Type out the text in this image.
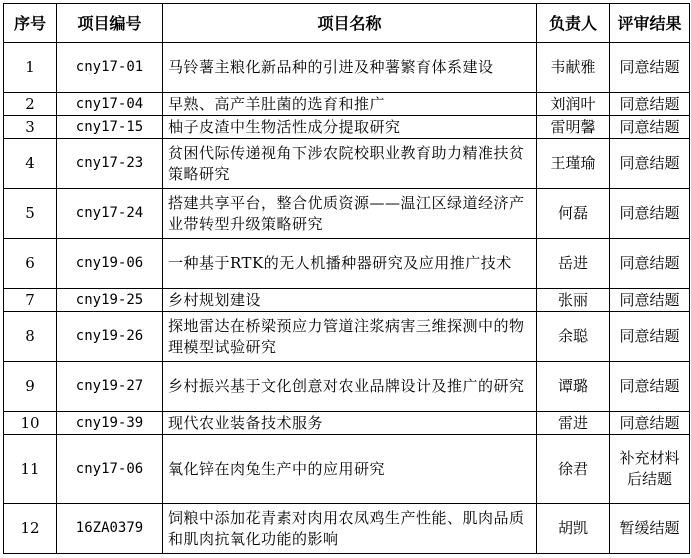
序号	项目编号	项目名称	负责人	评审结果
1	cny17-01	马铃薯主粮化新品种的引进及种薯繁育体系建设	韦献雅	同意结题
2	cny17-04	早熟、高产羊肚菌的选育和推广	刘润叶	同意结题
3	cny17-15	柚子皮渣中生物活性成分提取研究	雷明馨	同意结题
4	cny17-23	贫困代际传递视角下涉农院校职业教育助力精准扶贫策略研究	王瑾瑜	同意结题
5	cny17-24	搭建共享平台，整合优质资源——温江区绿道经济产业带转型升级策略研究	何磊	同意结题
6	cny19-06	一种基于RTK的无人机播种器研究及应用推广技术	岳进	同意结题
7	cny19-25	乡村规划建设	张丽	同意结题
8	cny19-26	探地雷达在桥梁预应力管道注浆病害三维探测中的物理模型试验研究	余聪	同意结题
9	cny19-27	乡村振兴基于文化创意对农业品牌设计及推广的研究	谭璐	同意结题
10	cny19-39	现代农业装备技术服务	雷进	同意结题
11	cny17-06	氧化锌在肉兔生产中的应用研究	徐君	补充材料后结题
12	16ZA0379	饲粮中添加花青素对肉用农凤鸡生产性能、肌肉品质和肌肉抗氧化功能的影响	胡凯	暂缓结题
